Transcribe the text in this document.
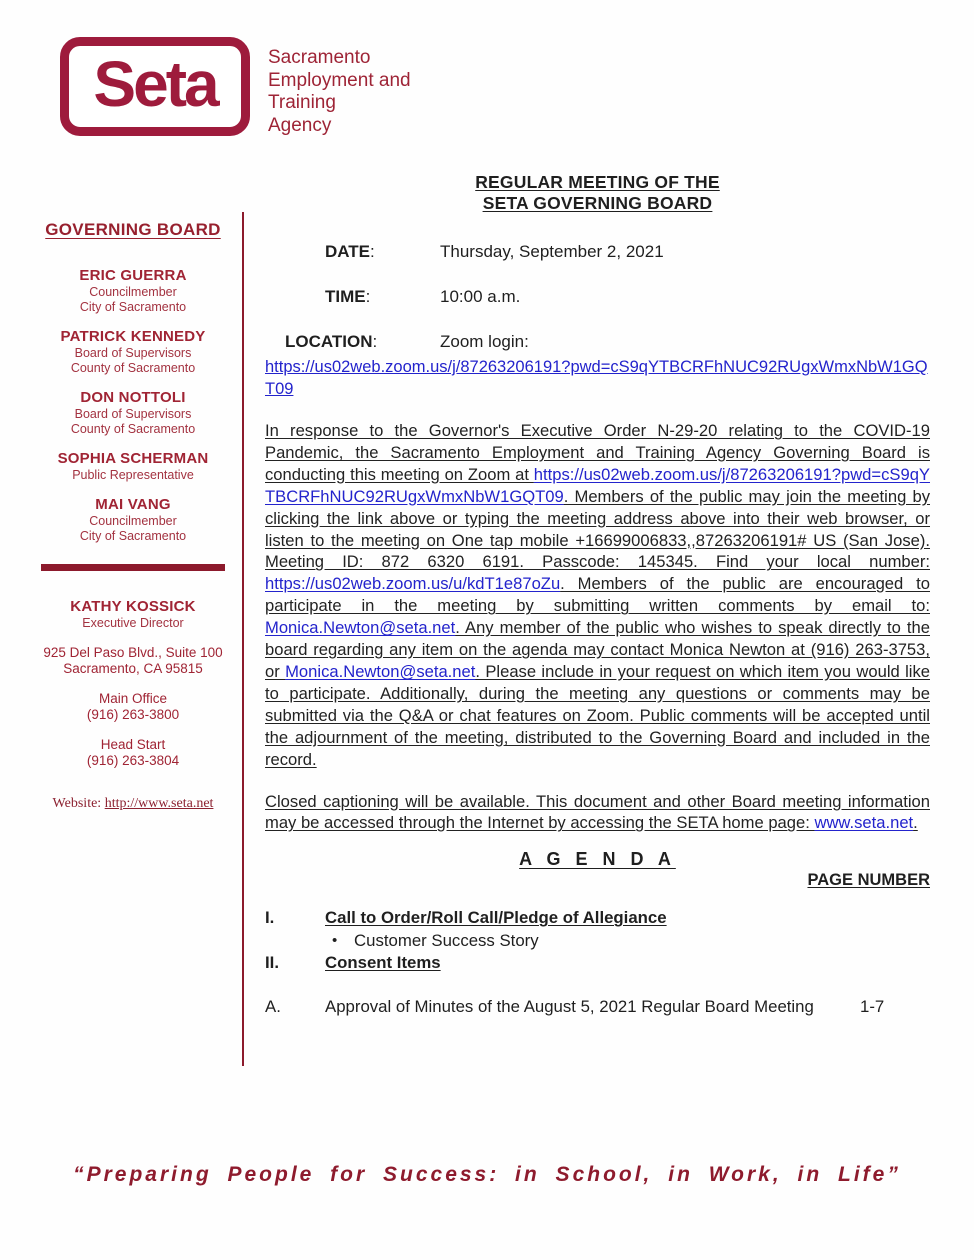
Seta	Sacramento
Employment and
Training
Agency
GOVERNING BOARD
ERIC GUERRA
Councilmember
City of Sacramento
PATRICK KENNEDY
Board of Supervisors
County of Sacramento
DON NOTTOLI
Board of Supervisors
County of Sacramento
SOPHIA SCHERMAN
Public Representative
MAI VANG
Councilmember
City of Sacramento
KATHY KOSSICK
Executive Director
925 Del Paso Blvd., Suite 100
Sacramento, CA 95815
Main Office
(916) 263-3800
Head Start
(916) 263-3804
Website: http://www.seta.net
REGULAR MEETING OF THE
SETA GOVERNING BOARD
DATE:	Thursday, September 2, 2021
TIME:	10:00 a.m.
LOCATION:	Zoom login:
https://us02web.zoom.us/j/87263206191?pwd=cS9qYTBCRFhNUC92RUgxWmxNbW1GQT09

In response to the Governor's Executive Order N-29-20 relating to the COVID-19 Pandemic, the Sacramento Employment and Training Agency Governing Board is conducting this meeting on Zoom at https://us02web.zoom.us/j/87263206191?pwd=cS9qYTBCRFhNUC92RUgxWmxNbW1GQT09. Members of the public may join the meeting by clicking the link above or typing the meeting address above into their web browser, or listen to the meeting on One tap mobile +16699006833,,87263206191# US (San Jose). Meeting ID: 872 6320 6191. Passcode: 145345. Find your local number: https://us02web.zoom.us/u/kdT1e87oZu. Members of the public are encouraged to participate in the meeting by submitting written comments by email to: Monica.Newton@seta.net. Any member of the public who wishes to speak directly to the board regarding any item on the agenda may contact Monica Newton at (916) 263-3753, or Monica.Newton@seta.net. Please include in your request on which item you would like to participate. Additionally, during the meeting any questions or comments may be submitted via the Q&A or chat features on Zoom. Public comments will be accepted until the adjournment of the meeting, distributed to the Governing Board and included in the record.

Closed captioning will be available. This document and other Board meeting information may be accessed through the Internet by accessing the SETA home page: www.seta.net.

A G E N D A
PAGE NUMBER
I.	Call to Order/Roll Call/Pledge of Allegiance
• Customer Success Story
II.	Consent Items
A.	Approval of Minutes of the August 5, 2021 Regular Board Meeting	1-7
“Preparing People for Success: in School, in Work, in Life”
